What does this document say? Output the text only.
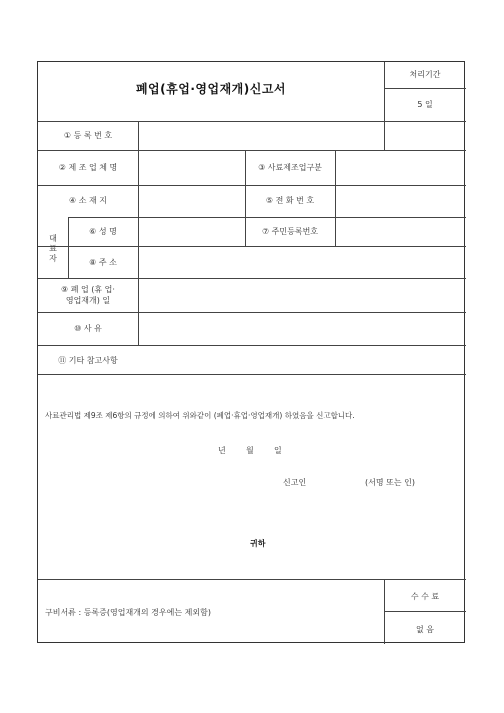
폐업(휴업·영업재개)신고서
처리기간
5 일
① 등 록 번 호
② 제 조 업 체 명	③ 사료제조업구분
④ 소 재 지	⑤ 전 화 번 호
대
표
자
⑥ 성 명	⑦ 주민등록번호
⑧ 주 소
⑨ 폐 업 (휴 업·
영업재개) 일
⑩ 사 유
⑪ 기타 참고사항
사료관리법 제9조 제6항의 규정에 의하여 위와같이 (폐업·휴업·영업재개) 하였음을 신고합니다.
년	월	일
신고인	(서명 또는 인)
귀하
구비서류 : 등록증(영업재개의 경우에는 제외함)
수 수 료
없 음
